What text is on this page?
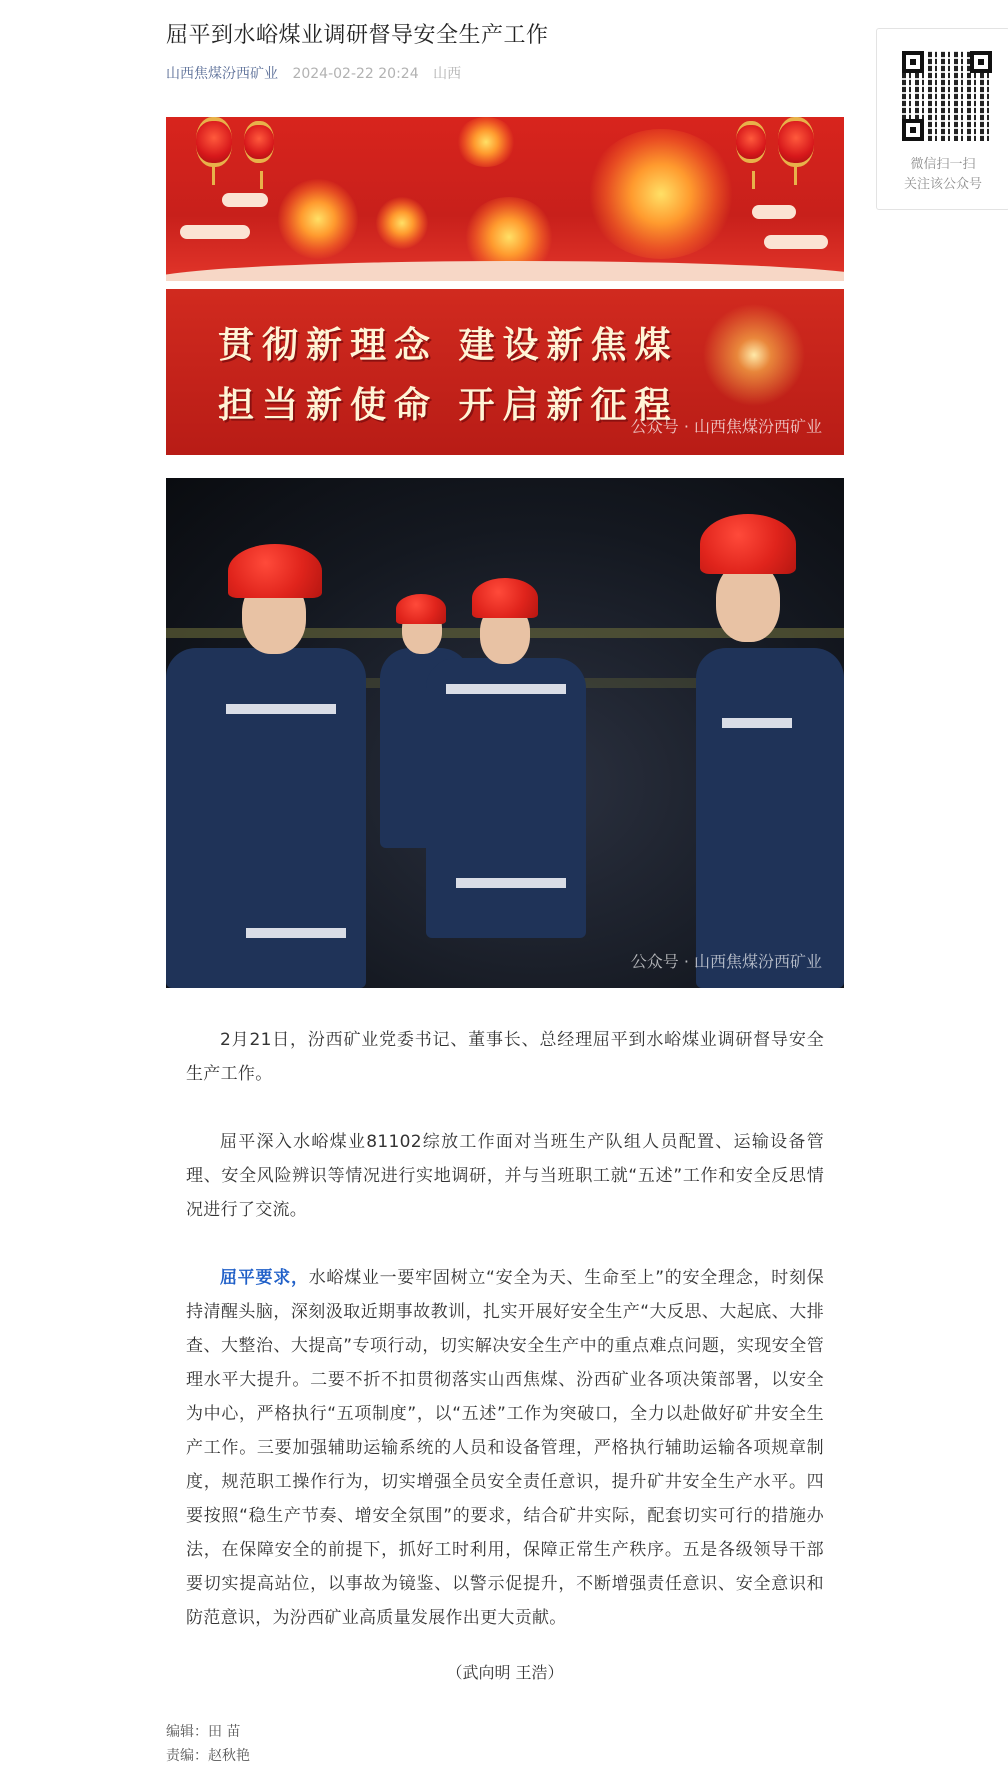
屈平到水峪煤业调研督导安全生产工作
山西焦煤汾西矿业 2024-02-22 20:24 山西
贯彻新理念 建设新焦煤
担当新使命 开启新征程
公众号 · 山西焦煤汾西矿业
公众号 · 山西焦煤汾西矿业

2月21日，汾西矿业党委书记、董事长、总经理屈平到水峪煤业调研督导安全生产工作。

屈平深入水峪煤业81102综放工作面对当班生产队组人员配置、运输设备管理、安全风险辨识等情况进行实地调研，并与当班职工就“五述”工作和安全反思情况进行了交流。

屈平要求，水峪煤业一要牢固树立“安全为天、生命至上”的安全理念，时刻保持清醒头脑，深刻汲取近期事故教训，扎实开展好安全生产“大反思、大起底、大排查、大整治、大提高”专项行动，切实解决安全生产中的重点难点问题，实现安全管理水平大提升。二要不折不扣贯彻落实山西焦煤、汾西矿业各项决策部署，以安全为中心，严格执行“五项制度”，以“五述”工作为突破口，全力以赴做好矿井安全生产工作。三要加强辅助运输系统的人员和设备管理，严格执行辅助运输各项规章制度，规范职工操作行为，切实增强全员安全责任意识，提升矿井安全生产水平。四要按照“稳生产节奏、增安全氛围”的要求，结合矿井实际，配套切实可行的措施办法，在保障安全的前提下，抓好工时利用，保障正常生产秩序。五是各级领导干部要切实提高站位，以事故为镜鉴、以警示促提升，不断增强责任意识、安全意识和防范意识，为汾西矿业高质量发展作出更大贡献。

（武向明 王浩）
编辑：田 苗
责编：赵秋艳
微信扫一扫
关注该公众号
